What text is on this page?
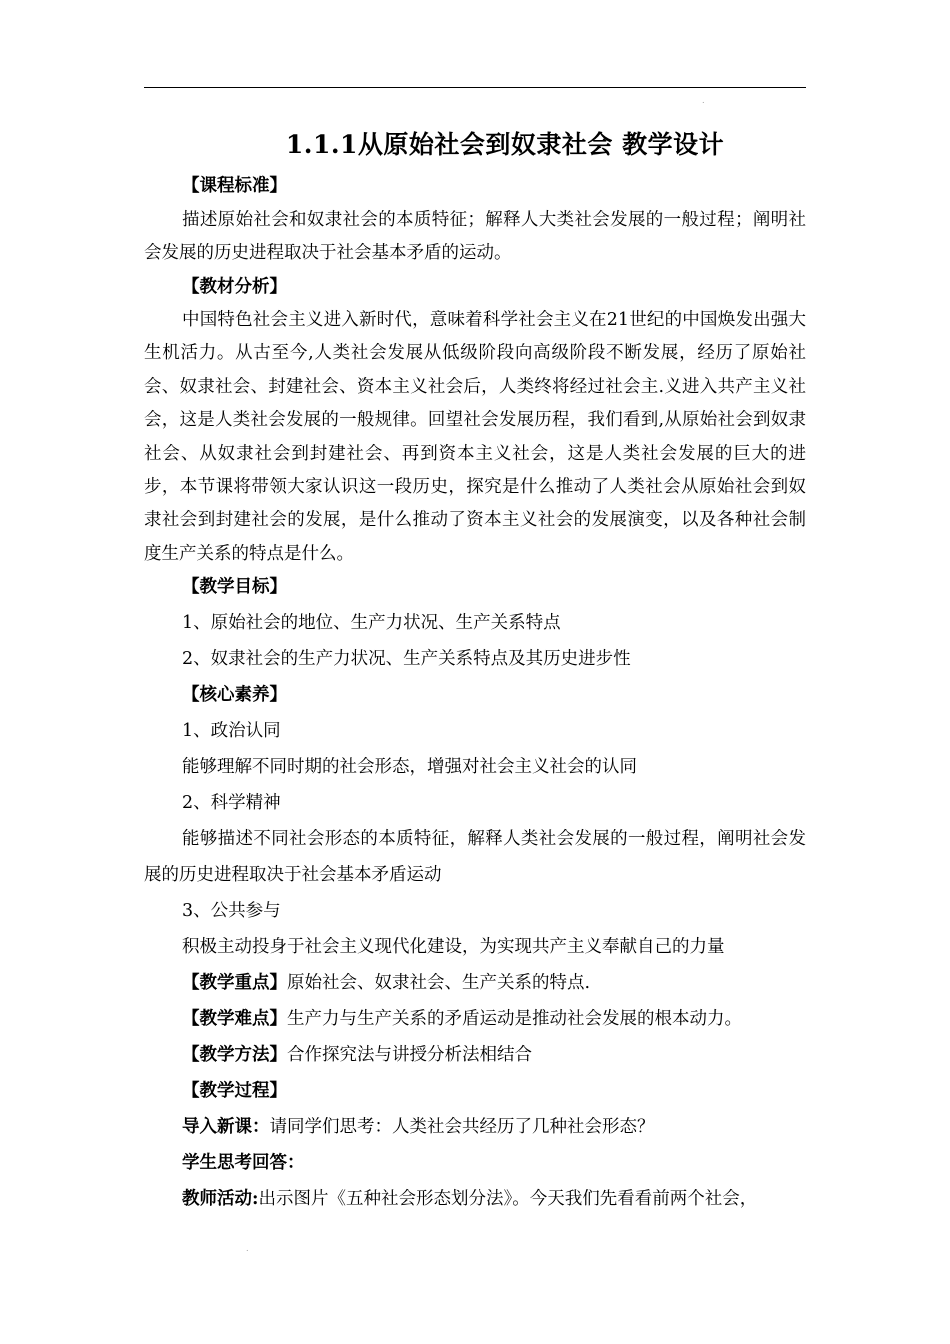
.
.
1.1.1从原始社会到奴隶社会 教学设计
【课程标准】
描述原始社会和奴隶社会的本质特征；解释人大类社会发展的一般过程；阐明社会发展的历史进程取决于社会基本矛盾的运动。
【教材分析】
中国特色社会主义进入新时代，意味着科学社会主义在21世纪的中国焕发出强大生机活力。从古至今,人类社会发展从低级阶段向高级阶段不断发展，经历了原始社会、奴隶社会、封建社会、资本主义社会后，人类终将经过社会主.义进入共产主义社会，这是人类社会发展的一般规律。回望社会发展历程，我们看到,从原始社会到奴隶社会、从奴隶社会到封建社会、再到资本主义社会，这是人类社会发展的巨大的进步，本节课将带领大家认识这一段历史，探究是什么推动了人类社会从原始社会到奴隶社会到封建社会的发展，是什么推动了资本主义社会的发展演变，以及各种社会制度生产关系的特点是什么。
【教学目标】
1、原始社会的地位、生产力状况、生产关系特点
2、奴隶社会的生产力状况、生产关系特点及其历史进步性
【核心素养】
1、政治认同
能够理解不同时期的社会形态，增强对社会主义社会的认同
2、科学精神
能够描述不同社会形态的本质特征，解释人类社会发展的一般过程，阐明社会发展的历史进程取决于社会基本矛盾运动
3、公共参与
积极主动投身于社会主义现代化建设，为实现共产主义奉献自己的力量
【教学重点】原始社会、奴隶社会、生产关系的特点.
【教学难点】生产力与生产关系的矛盾运动是推动社会发展的根本动力。
【教学方法】合作探究法与讲授分析法相结合
【教学过程】
导入新课：请同学们思考：人类社会共经历了几种社会形态？
学生思考回答：
教师活动:出示图片《五种社会形态划分法》。今天我们先看看前两个社会，
